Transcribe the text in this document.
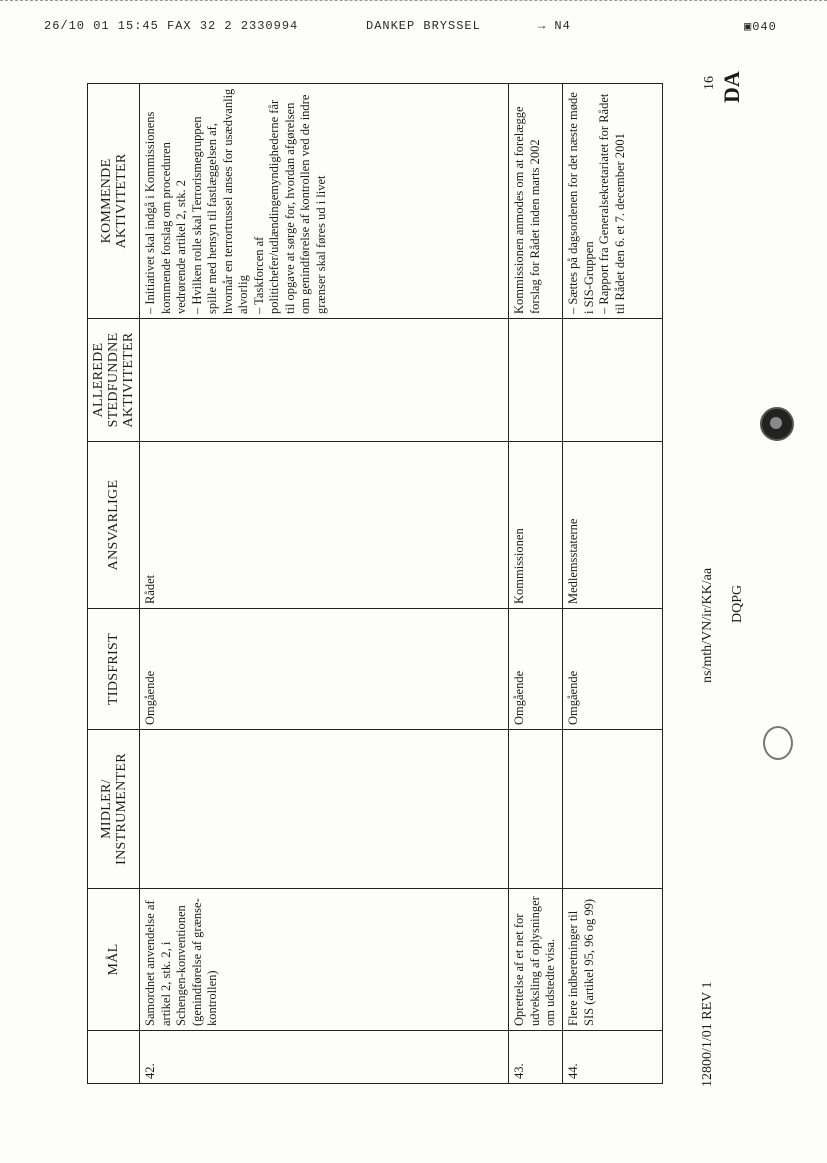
26/10 01 15:45 FAX 32 2 2330994	DANKEP BRYSSEL	→ N4	▣040
	MÅL	MIDLER/
INSTRUMENTER	TIDSFRIST	ANSVARLIGE	ALLEREDE
STEDFUNDNE
AKTIVITETER	KOMMENDE
AKTIVITETER
42.	Samordnet anvendelse af artikel 2, stk. 2, i Schengen-konventionen
(genindførelse af grænse-kontrollen)		Omgående	Rådet		– Initiativet skal indgå i Kommissionens kommende forslag om proceduren vedrørende artikel 2, stk. 2
– Hvilken rolle skal Terrorismegruppen spille med hensyn til fastlæggelsen af, hvornår en terrortrussel anses for usædvanlig alvorlig
– Taskforcen af politichefer/udlændingemyndighederne får til opgave at sørge for, hvordan afgørelsen om genindførelse af kontrollen ved de indre grænser skal føres ud i livet
43.	Oprettelse af et net for udveksling af oplysninger om udstedte visa.		Omgående	Kommissionen		Kommissionen anmodes om at forelægge forslag for Rådet inden marts 2002
44.	Flere indberetninger til SIS (artikel 95, 96 og 99)		Omgående	Medlemsstaterne		– Sættes på dagsordenen for det næste møde i SIS-Gruppen
– Rapport fra Generalsekretariatet for Rådet til Rådet den 6. et 7. december 2001
12800/1/01 REV 1
ns/mth/VN/ir/KK/aa DQPG
16 DA
